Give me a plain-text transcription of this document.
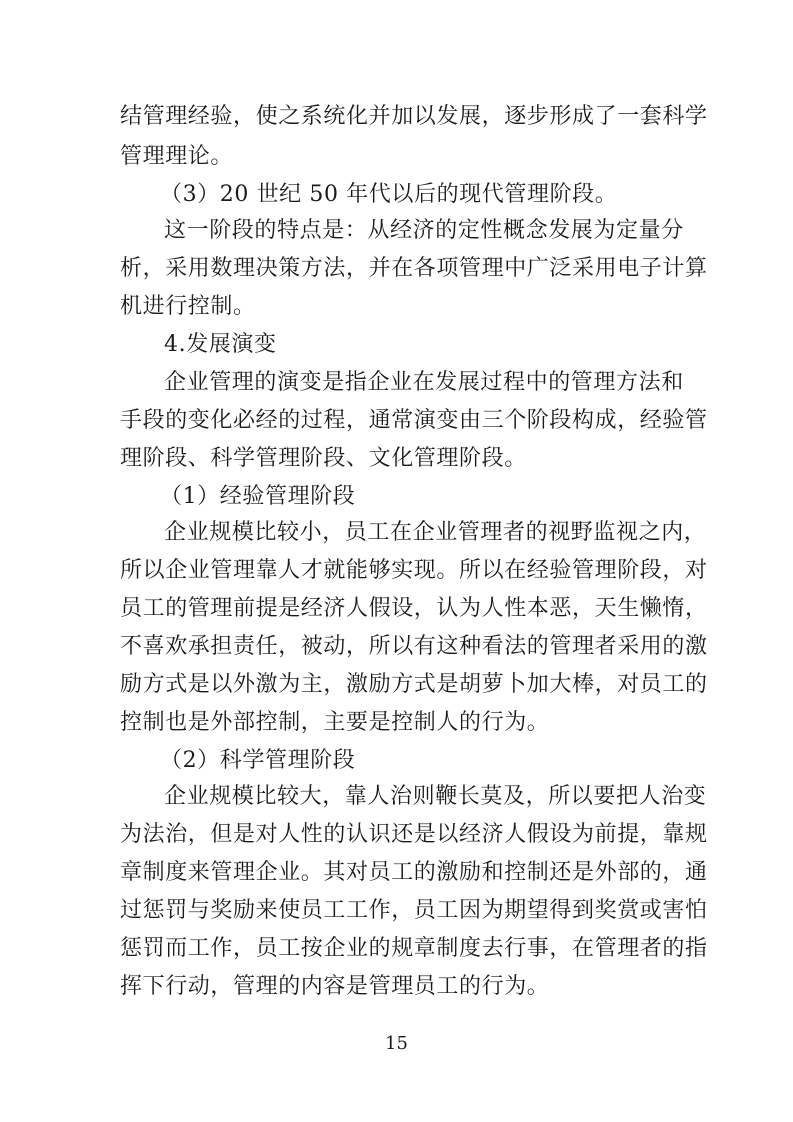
结管理经验，使之系统化并加以发展，逐步形成了一套科学
管理理论。
（3）20 世纪 50 年代以后的现代管理阶段。
这一阶段的特点是：从经济的定性概念发展为定量分
析，采用数理决策方法，并在各项管理中广泛采用电子计算
机进行控制。
4.发展演变
企业管理的演变是指企业在发展过程中的管理方法和
手段的变化必经的过程，通常演变由三个阶段构成，经验管
理阶段、科学管理阶段、文化管理阶段。
（1）经验管理阶段
企业规模比较小，员工在企业管理者的视野监视之内，
所以企业管理靠人才就能够实现。所以在经验管理阶段，对
员工的管理前提是经济人假设，认为人性本恶，天生懒惰，
不喜欢承担责任，被动，所以有这种看法的管理者采用的激
励方式是以外激为主，激励方式是胡萝卜加大棒，对员工的
控制也是外部控制，主要是控制人的行为。
（2）科学管理阶段
企业规模比较大，靠人治则鞭长莫及，所以要把人治变
为法治，但是对人性的认识还是以经济人假设为前提，靠规
章制度来管理企业。其对员工的激励和控制还是外部的，通
过惩罚与奖励来使员工工作，员工因为期望得到奖赏或害怕
惩罚而工作，员工按企业的规章制度去行事，在管理者的指
挥下行动，管理的内容是管理员工的行为。
15
